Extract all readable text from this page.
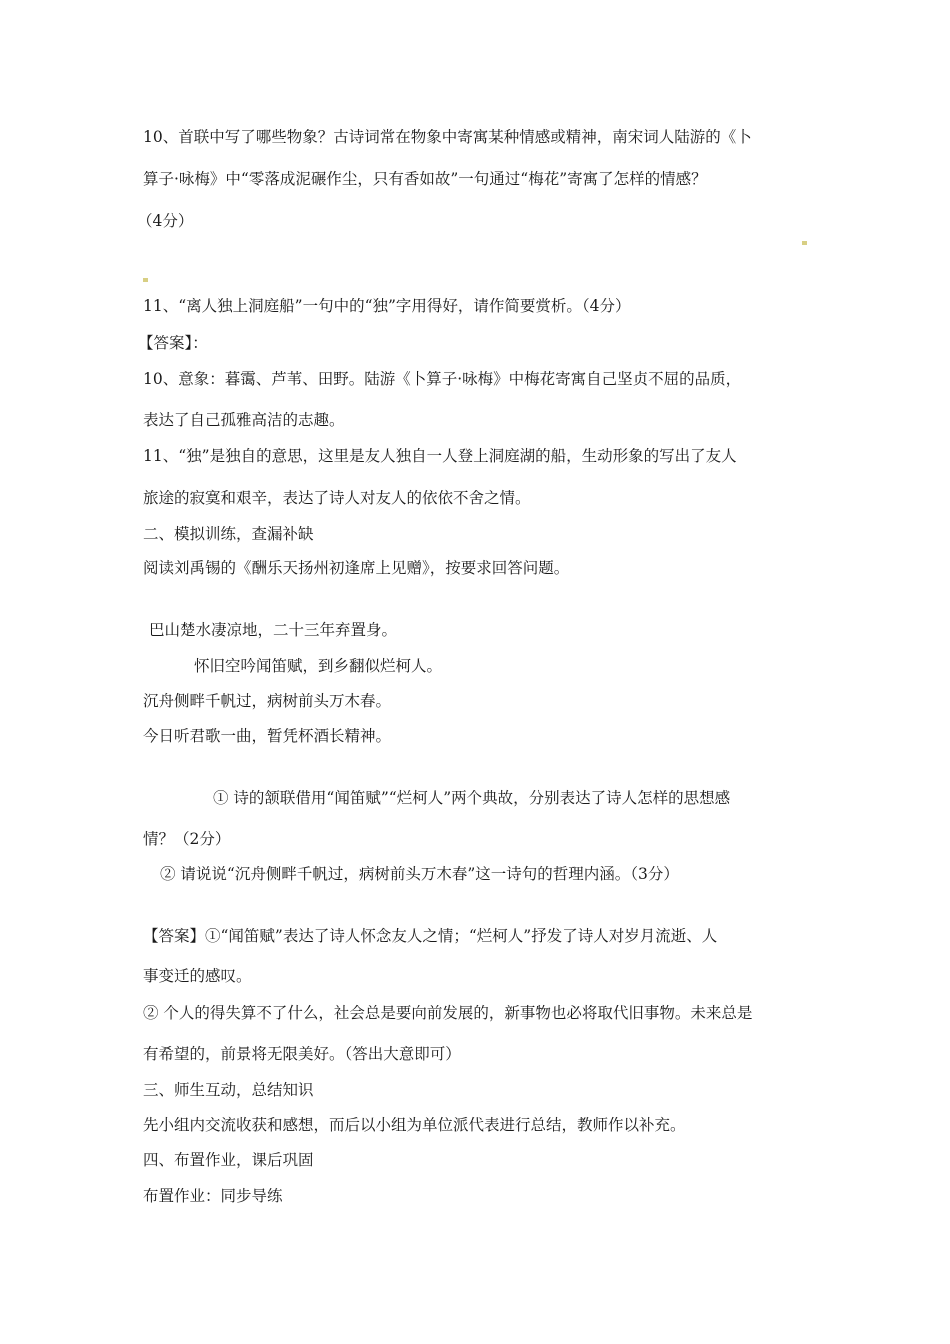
10、首联中写了哪些物象？古诗词常在物象中寄寓某种情感或精神，南宋词人陆游的《卜
算子·咏梅》中“零落成泥碾作尘，只有香如故”一句通过“梅花”寄寓了怎样的情感？
（4分）
11、“离人独上洞庭船”一句中的“独”字用得好，请作简要赏析。（4分）
【答案】：
10、意象：暮霭、芦苇、田野。陆游《卜算子·咏梅》中梅花寄寓自己坚贞不屈的品质，
表达了自己孤雅高洁的志趣。
11、“独”是独自的意思，这里是友人独自一人登上洞庭湖的船，生动形象的写出了友人
旅途的寂寞和艰辛，表达了诗人对友人的依依不舍之情。
二、模拟训练，查漏补缺
阅读刘禹锡的《酬乐天扬州初逢席上见赠》，按要求回答问题。
巴山楚水凄凉地，二十三年弃置身。
怀旧空吟闻笛赋，到乡翻似烂柯人。
沉舟侧畔千帆过，病树前头万木春。
今日听君歌一曲，暂凭杯酒长精神。
① 诗的颔联借用“闻笛赋”“烂柯人”两个典故，分别表达了诗人怎样的思想感
情？（2分）
② 请说说“沉舟侧畔千帆过，病树前头万木春”这一诗句的哲理内涵。（3分）
【答案】①“闻笛赋”表达了诗人怀念友人之情；“烂柯人”抒发了诗人对岁月流逝、人
事变迁的感叹。
② 个人的得失算不了什么，社会总是要向前发展的，新事物也必将取代旧事物。未来总是
有希望的，前景将无限美好。（答出大意即可）
三、师生互动，总结知识
先小组内交流收获和感想，而后以小组为单位派代表进行总结，教师作以补充。
四、布置作业，课后巩固
布置作业：同步导练
